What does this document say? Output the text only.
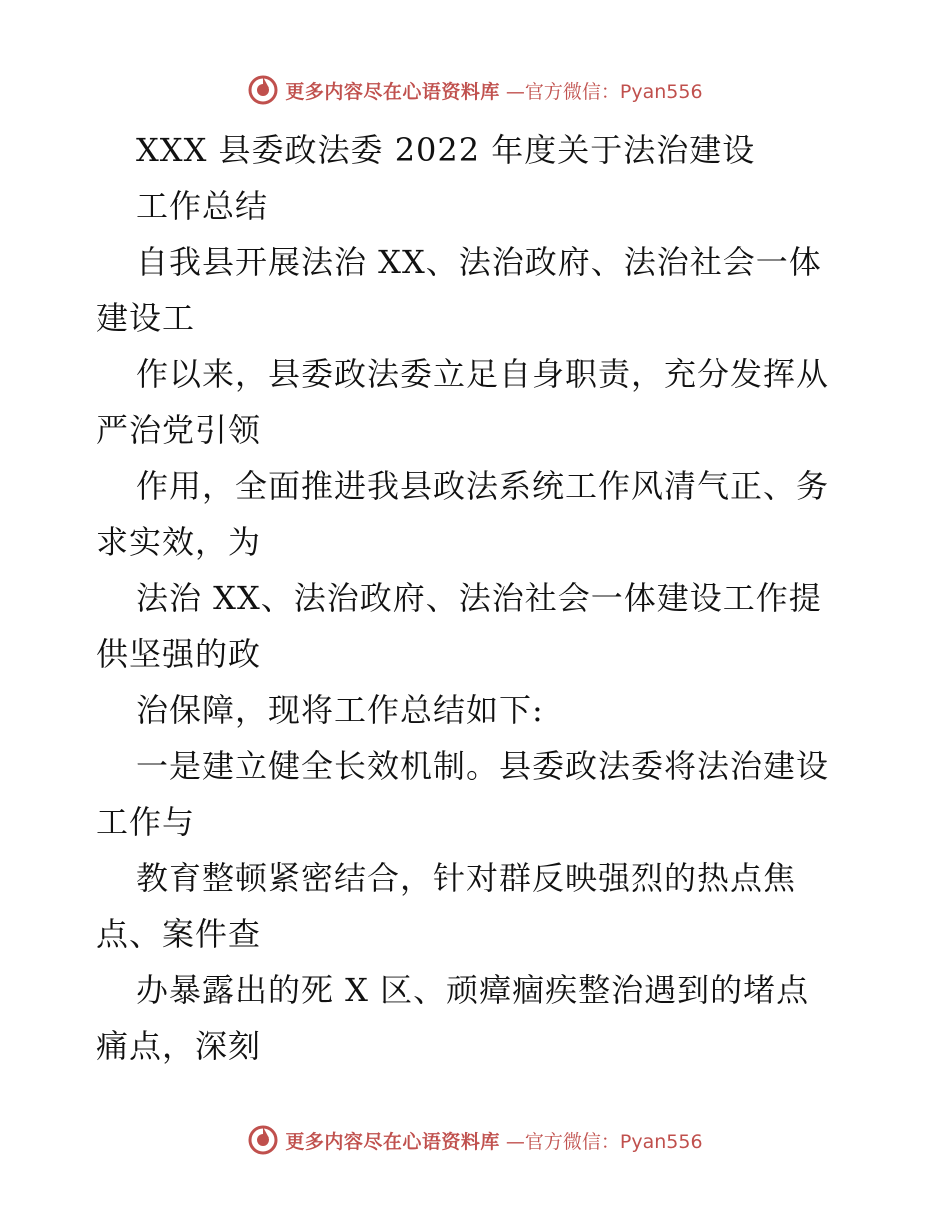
更多内容尽在心语资料库 —官方微信：Pyan556
XXX 县委政法委 2022 年度关于法治建设
工作总结
自我县开展法治 XX、法治政府、法治社会一体
建设工
作以来，县委政法委立足自身职责，充分发挥从
严治党引领
作用，全面推进我县政法系统工作风清气正、务
求实效，为
法治 XX、法治政府、法治社会一体建设工作提
供坚强的政
治保障，现将工作总结如下:
一是建立健全长效机制。县委政法委将法治建设
工作与
教育整顿紧密结合，针对群反映强烈的热点焦
点、案件查
办暴露出的死 X 区、顽瘴痼疾整治遇到的堵点
痛点，深刻
更多内容尽在心语资料库 —官方微信：Pyan556
